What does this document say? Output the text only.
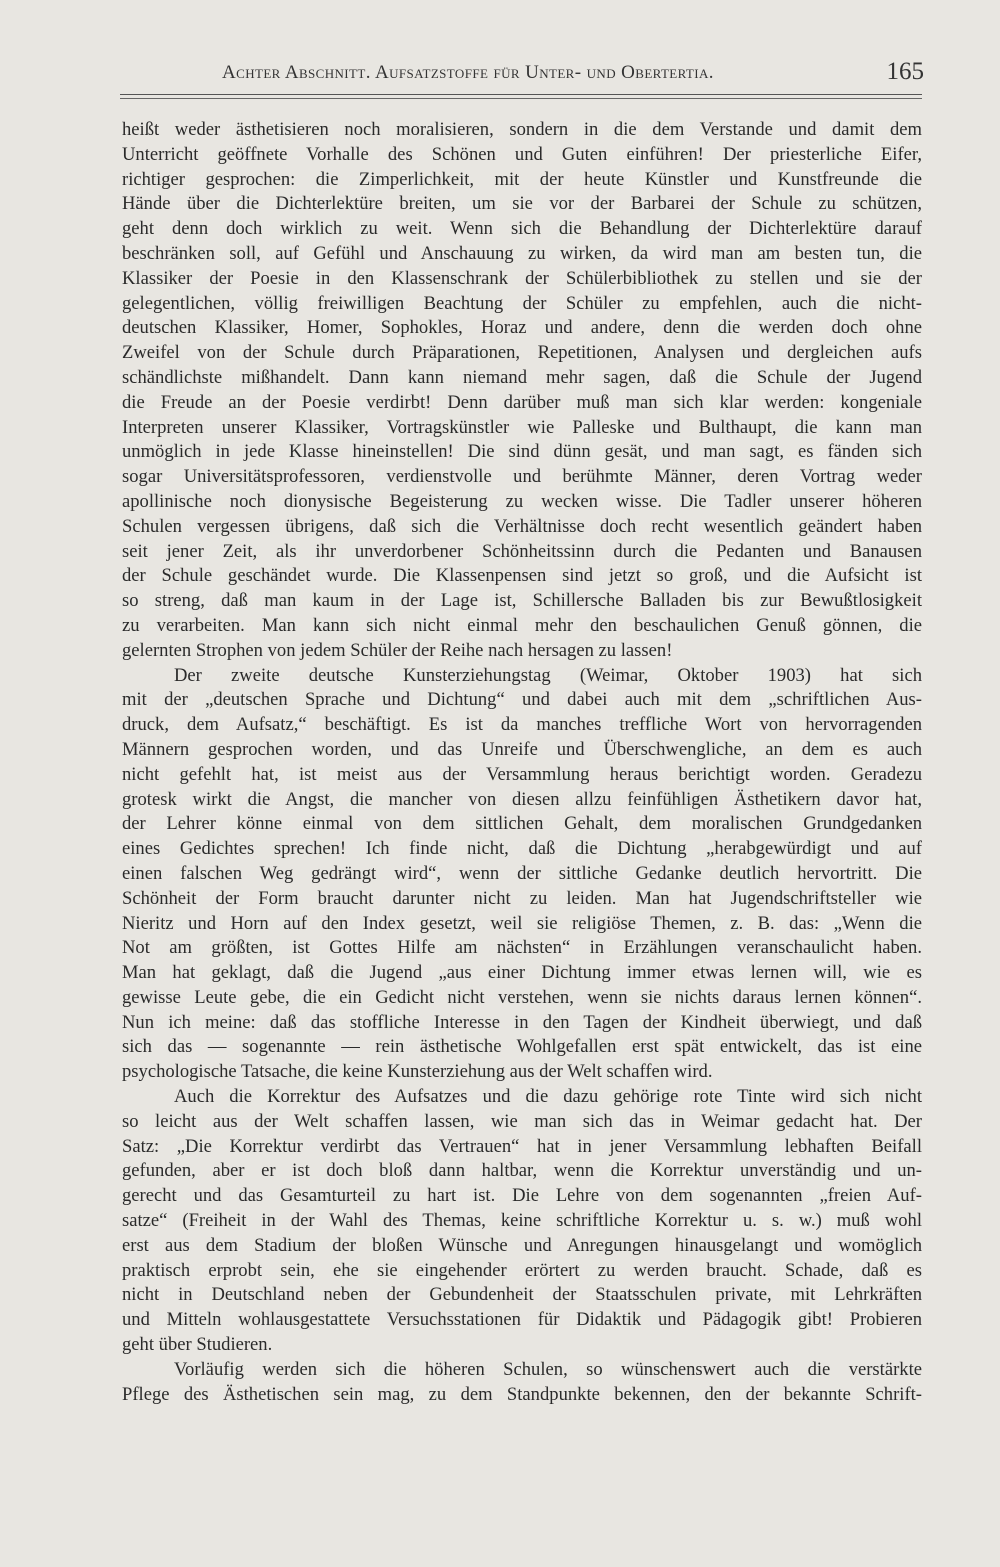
Achter Abschnitt. Aufsatzstoffe für Unter- und Obertertia.	165
heißt weder ästhetisieren noch moralisieren, sondern in die dem Verstande und damit dem
Unterricht geöffnete Vorhalle des Schönen und Guten einführen! Der priesterliche Eifer,
richtiger gesprochen: die Zimperlichkeit, mit der heute Künstler und Kunstfreunde die
Hände über die Dichterlektüre breiten, um sie vor der Barbarei der Schule zu schützen,
geht denn doch wirklich zu weit. Wenn sich die Behandlung der Dichterlektüre darauf
beschränken soll, auf Gefühl und Anschauung zu wirken, da wird man am besten tun, die
Klassiker der Poesie in den Klassenschrank der Schülerbibliothek zu stellen und sie der
gelegentlichen, völlig freiwilligen Beachtung der Schüler zu empfehlen, auch die nicht-
deutschen Klassiker, Homer, Sophokles, Horaz und andere, denn die werden doch ohne
Zweifel von der Schule durch Präparationen, Repetitionen, Analysen und dergleichen aufs
schändlichste mißhandelt. Dann kann niemand mehr sagen, daß die Schule der Jugend
die Freude an der Poesie verdirbt! Denn darüber muß man sich klar werden: kongeniale
Interpreten unserer Klassiker, Vortragskünstler wie Palleske und Bulthaupt, die kann man
unmöglich in jede Klasse hineinstellen! Die sind dünn gesät, und man sagt, es fänden sich
sogar Universitätsprofessoren, verdienstvolle und berühmte Männer, deren Vortrag weder
apollinische noch dionysische Begeisterung zu wecken wisse. Die Tadler unserer höheren
Schulen vergessen übrigens, daß sich die Verhältnisse doch recht wesentlich geändert haben
seit jener Zeit, als ihr unverdorbener Schönheitssinn durch die Pedanten und Banausen
der Schule geschändet wurde. Die Klassenpensen sind jetzt so groß, und die Aufsicht ist
so streng, daß man kaum in der Lage ist, Schillersche Balladen bis zur Bewußtlosigkeit
zu verarbeiten. Man kann sich nicht einmal mehr den beschaulichen Genuß gönnen, die
gelernten Strophen von jedem Schüler der Reihe nach hersagen zu lassen!
Der zweite deutsche Kunsterziehungstag (Weimar, Oktober 1903) hat sich
mit der „deutschen Sprache und Dichtung“ und dabei auch mit dem „schriftlichen Aus-
druck, dem Aufsatz,“ beschäftigt. Es ist da manches treffliche Wort von hervorragenden
Männern gesprochen worden, und das Unreife und Überschwengliche, an dem es auch
nicht gefehlt hat, ist meist aus der Versammlung heraus berichtigt worden. Geradezu
grotesk wirkt die Angst, die mancher von diesen allzu feinfühligen Ästhetikern davor hat,
der Lehrer könne einmal von dem sittlichen Gehalt, dem moralischen Grundgedanken
eines Gedichtes sprechen! Ich finde nicht, daß die Dichtung „herabgewürdigt und auf
einen falschen Weg gedrängt wird“, wenn der sittliche Gedanke deutlich hervortritt. Die
Schönheit der Form braucht darunter nicht zu leiden. Man hat Jugendschriftsteller wie
Nieritz und Horn auf den Index gesetzt, weil sie religiöse Themen, z. B. das: „Wenn die
Not am größten, ist Gottes Hilfe am nächsten“ in Erzählungen veranschaulicht haben.
Man hat geklagt, daß die Jugend „aus einer Dichtung immer etwas lernen will, wie es
gewisse Leute gebe, die ein Gedicht nicht verstehen, wenn sie nichts daraus lernen können“.
Nun ich meine: daß das stoffliche Interesse in den Tagen der Kindheit überwiegt, und daß
sich das — sogenannte — rein ästhetische Wohlgefallen erst spät entwickelt, das ist eine
psychologische Tatsache, die keine Kunsterziehung aus der Welt schaffen wird.
Auch die Korrektur des Aufsatzes und die dazu gehörige rote Tinte wird sich nicht
so leicht aus der Welt schaffen lassen, wie man sich das in Weimar gedacht hat. Der
Satz: „Die Korrektur verdirbt das Vertrauen“ hat in jener Versammlung lebhaften Beifall
gefunden, aber er ist doch bloß dann haltbar, wenn die Korrektur unverständig und un-
gerecht und das Gesamturteil zu hart ist. Die Lehre von dem sogenannten „freien Auf-
satze“ (Freiheit in der Wahl des Themas, keine schriftliche Korrektur u. s. w.) muß wohl
erst aus dem Stadium der bloßen Wünsche und Anregungen hinausgelangt und womöglich
praktisch erprobt sein, ehe sie eingehender erörtert zu werden braucht. Schade, daß es
nicht in Deutschland neben der Gebundenheit der Staatsschulen private, mit Lehrkräften
und Mitteln wohlausgestattete Versuchsstationen für Didaktik und Pädagogik gibt! Probieren
geht über Studieren.
Vorläufig werden sich die höheren Schulen, so wünschenswert auch die verstärkte
Pflege des Ästhetischen sein mag, zu dem Standpunkte bekennen, den der bekannte Schrift-
